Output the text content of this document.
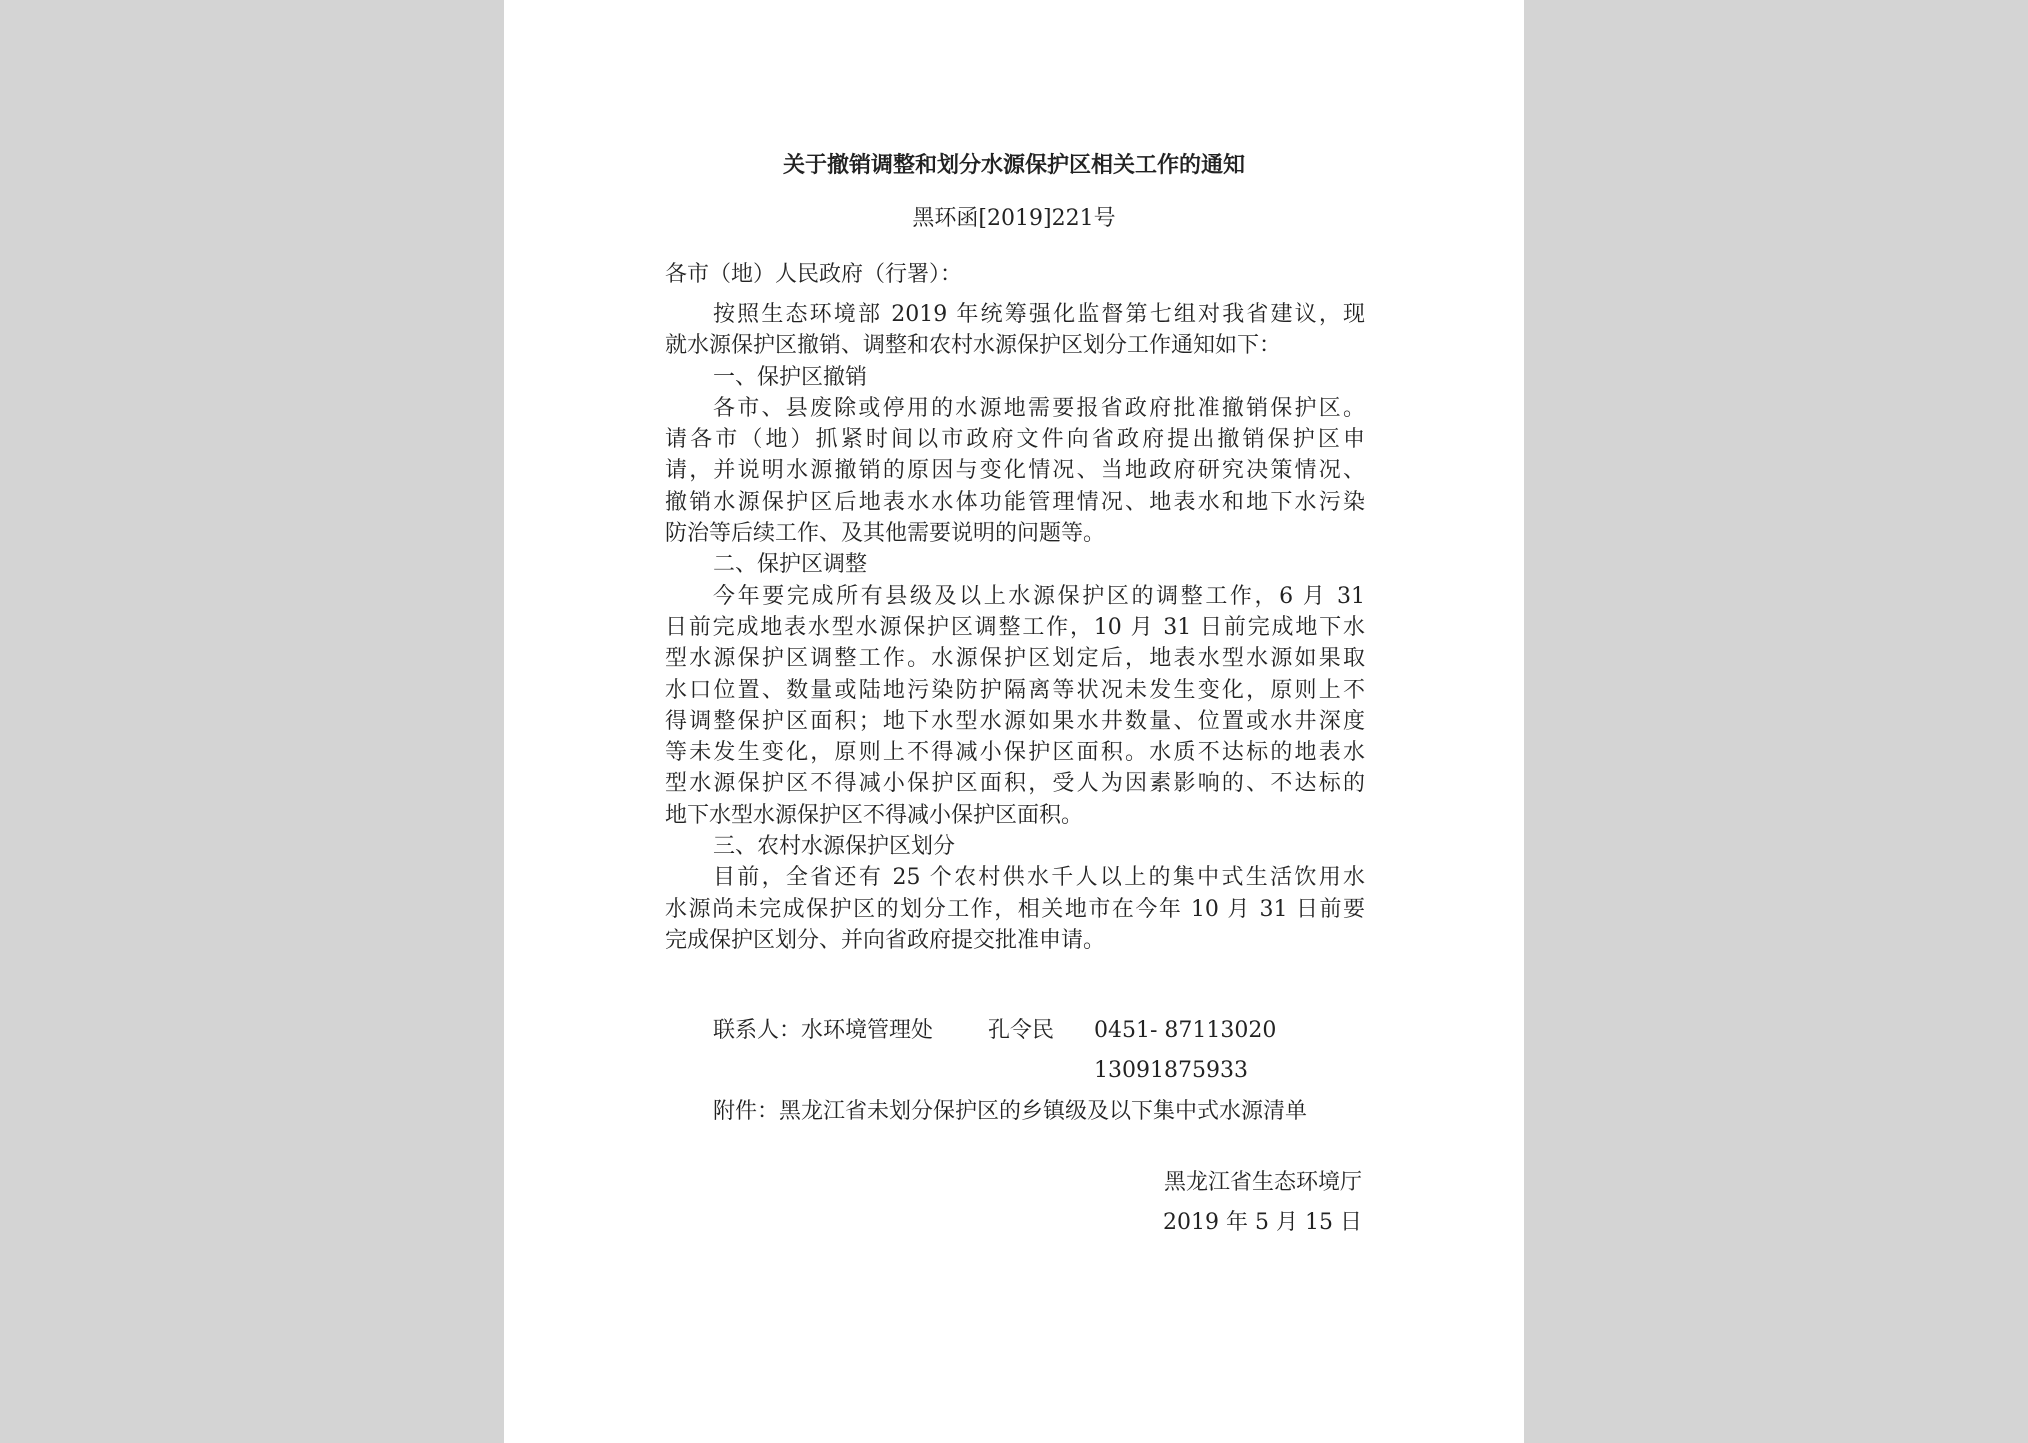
关于撤销调整和划分水源保护区相关工作的通知
黑环函[2019]221号
各市（地）人民政府（行署）：
按照生态环境部 2019 年统筹强化监督第七组对我省建议，现
就水源保护区撤销、调整和农村水源保护区划分工作通知如下：
一、保护区撤销
各市、县废除或停用的水源地需要报省政府批准撤销保护区。
请各市（地）抓紧时间以市政府文件向省政府提出撤销保护区申
请，并说明水源撤销的原因与变化情况、当地政府研究决策情况、
撤销水源保护区后地表水水体功能管理情况、地表水和地下水污染
防治等后续工作、及其他需要说明的问题等。
二、保护区调整
今年要完成所有县级及以上水源保护区的调整工作，6 月 31
日前完成地表水型水源保护区调整工作，10 月 31 日前完成地下水
型水源保护区调整工作。水源保护区划定后，地表水型水源如果取
水口位置、数量或陆地污染防护隔离等状况未发生变化，原则上不
得调整保护区面积；地下水型水源如果水井数量、位置或水井深度
等未发生变化，原则上不得减小保护区面积。水质不达标的地表水
型水源保护区不得减小保护区面积，受人为因素影响的、不达标的
地下水型水源保护区不得减小保护区面积。
三、农村水源保护区划分
目前，全省还有 25 个农村供水千人以上的集中式生活饮用水
水源尚未完成保护区的划分工作，相关地市在今年 10 月 31 日前要
完成保护区划分、并向省政府提交批准申请。
联系人：水环境管理处 孔令民 0451- 87113020
13091875933
附件：黑龙江省未划分保护区的乡镇级及以下集中式水源清单
黑龙江省生态环境厅
2019 年 5 月 15 日
